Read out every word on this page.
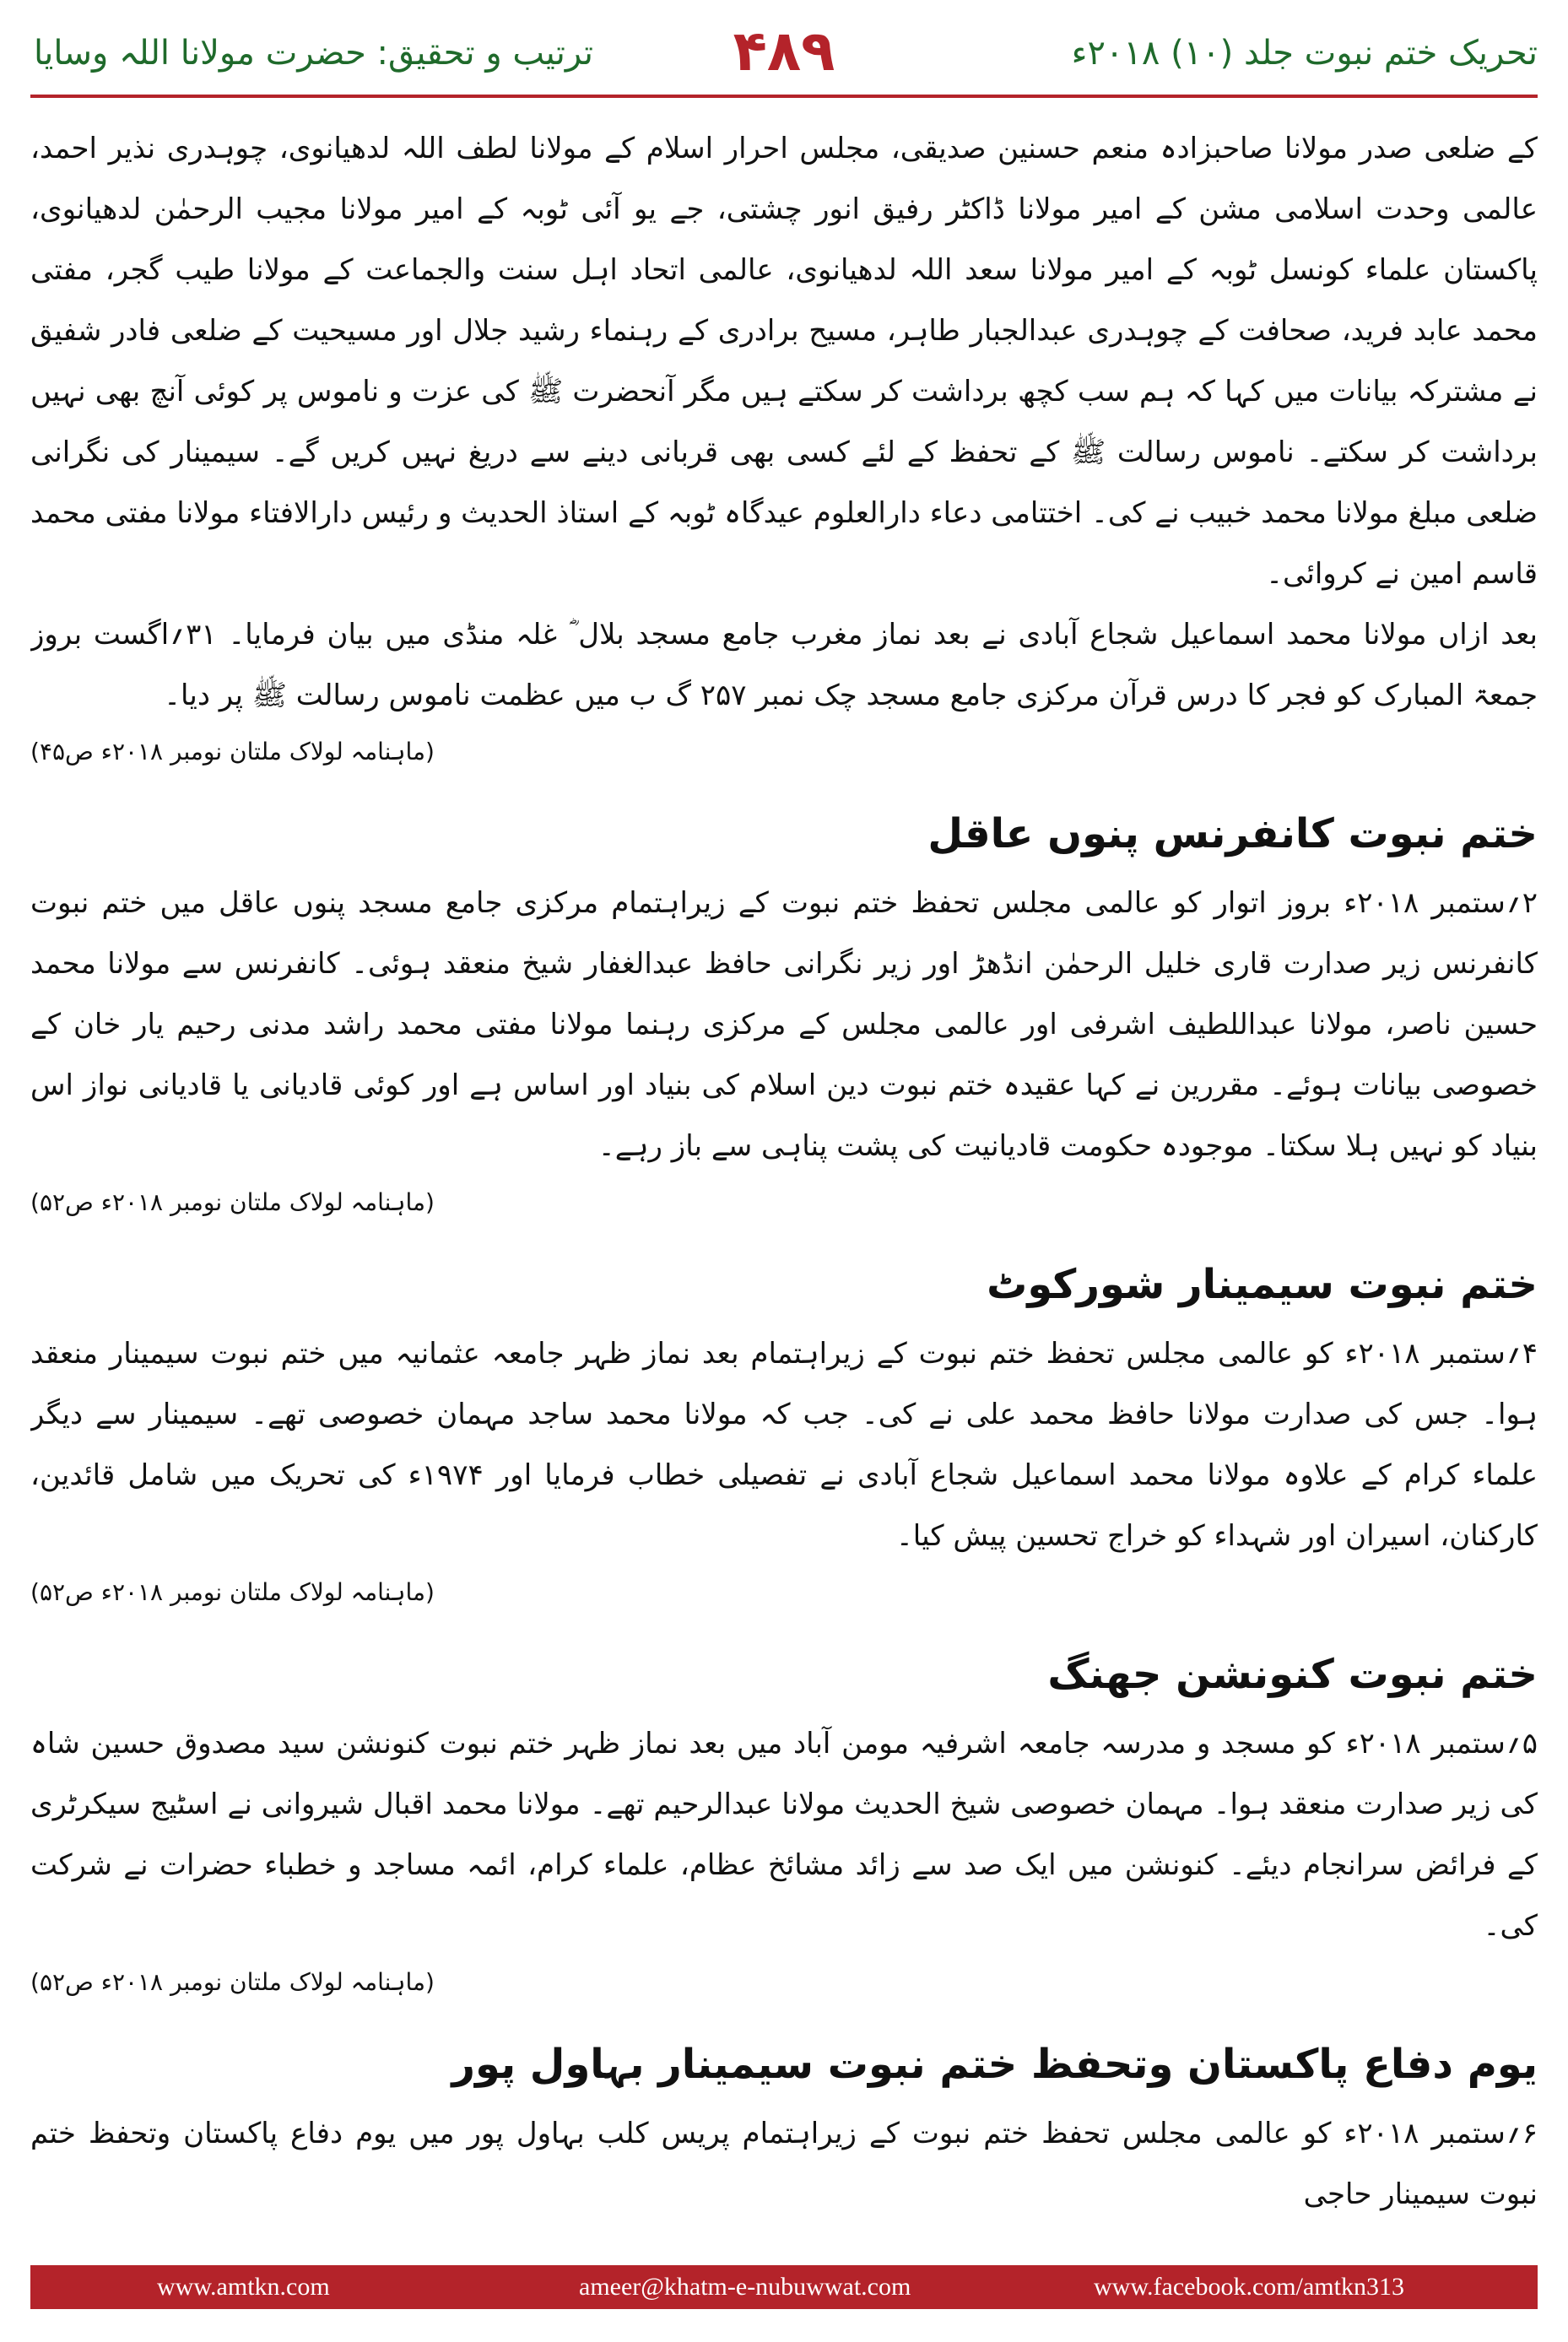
ترتیب و تحقیق: حضرت مولانا اللہ وسایا	۴۸۹	تحریک ختم نبوت جلد (۱۰) ۲۰۱۸ء

کے ضلعی صدر مولانا صاحبزادہ منعم حسنین صدیقی، مجلس احرار اسلام کے مولانا لطف اللہ لدھیانوی، چوہدری نذیر احمد، عالمی وحدت اسلامی مشن کے امیر مولانا ڈاکٹر رفیق انور چشتی، جے یو آئی ٹوبہ کے امیر مولانا مجیب الرحمٰن لدھیانوی، پاکستان علماء کونسل ٹوبہ کے امیر مولانا سعد اللہ لدھیانوی، عالمی اتحاد اہل سنت والجماعت کے مولانا طیب گجر، مفتی محمد عابد فرید، صحافت کے چوہدری عبدالجبار طاہر، مسیح برادری کے رہنماء رشید جلال اور مسیحیت کے ضلعی فادر شفیق نے مشترکہ بیانات میں کہا کہ ہم سب کچھ برداشت کر سکتے ہیں مگر آنحضرت ﷺ کی عزت و ناموس پر کوئی آنچ بھی نہیں برداشت کر سکتے۔ ناموس رسالت ﷺ کے تحفظ کے لئے کسی بھی قربانی دینے سے دریغ نہیں کریں گے۔ سیمینار کی نگرانی ضلعی مبلغ مولانا محمد خبیب نے کی۔ اختتامی دعاء دارالعلوم عیدگاہ ٹوبہ کے استاذ الحدیث و رئیس دارالافتاء مولانا مفتی محمد قاسم امین نے کروائی۔

بعد ازاں مولانا محمد اسماعیل شجاع آبادی نے بعد نماز مغرب جامع مسجد بلال ؓ غلہ منڈی میں بیان فرمایا۔ ۳۱؍اگست بروز جمعۃ المبارک کو فجر کا درس قرآن مرکزی جامع مسجد چک نمبر ۲۵۷ گ ب میں عظمت ناموس رسالت ﷺ پر دیا۔

(ماہنامہ لولاک ملتان نومبر ۲۰۱۸ء ص۴۵)
ختم نبوت کانفرنس پنوں عاقل

۲؍ستمبر ۲۰۱۸ء بروز اتوار کو عالمی مجلس تحفظ ختم نبوت کے زیراہتمام مرکزی جامع مسجد پنوں عاقل میں ختم نبوت کانفرنس زیر صدارت قاری خلیل الرحمٰن انڈھڑ اور زیر نگرانی حافظ عبدالغفار شیخ منعقد ہوئی۔ کانفرنس سے مولانا محمد حسین ناصر، مولانا عبداللطیف اشرفی اور عالمی مجلس کے مرکزی رہنما مولانا مفتی محمد راشد مدنی رحیم یار خان کے خصوصی بیانات ہوئے۔ مقررین نے کہا عقیدہ ختم نبوت دین اسلام کی بنیاد اور اساس ہے اور کوئی قادیانی یا قادیانی نواز اس بنیاد کو نہیں ہلا سکتا۔ موجودہ حکومت قادیانیت کی پشت پناہی سے باز رہے۔

(ماہنامہ لولاک ملتان نومبر ۲۰۱۸ء ص۵۲)
ختم نبوت سیمینار شورکوٹ

۴؍ستمبر ۲۰۱۸ء کو عالمی مجلس تحفظ ختم نبوت کے زیراہتمام بعد نماز ظہر جامعہ عثمانیہ میں ختم نبوت سیمینار منعقد ہوا۔ جس کی صدارت مولانا حافظ محمد علی نے کی۔ جب کہ مولانا محمد ساجد مہمان خصوصی تھے۔ سیمینار سے دیگر علماء کرام کے علاوہ مولانا محمد اسماعیل شجاع آبادی نے تفصیلی خطاب فرمایا اور ۱۹۷۴ء کی تحریک میں شامل قائدین، کارکنان، اسیران اور شہداء کو خراج تحسین پیش کیا۔

(ماہنامہ لولاک ملتان نومبر ۲۰۱۸ء ص۵۲)
ختم نبوت کنونشن جھنگ

۵؍ستمبر ۲۰۱۸ء کو مسجد و مدرسہ جامعہ اشرفیہ مومن آباد میں بعد نماز ظہر ختم نبوت کنونشن سید مصدوق حسین شاہ کی زیر صدارت منعقد ہوا۔ مہمان خصوصی شیخ الحدیث مولانا عبدالرحیم تھے۔ مولانا محمد اقبال شیروانی نے اسٹیج سیکرٹری کے فرائض سرانجام دیئے۔ کنونشن میں ایک صد سے زائد مشائخ عظام، علماء کرام، ائمہ مساجد و خطباء حضرات نے شرکت کی۔

(ماہنامہ لولاک ملتان نومبر ۲۰۱۸ء ص۵۲)
یوم دفاع پاکستان وتحفظ ختم نبوت سیمینار بہاول پور

۶؍ستمبر ۲۰۱۸ء کو عالمی مجلس تحفظ ختم نبوت کے زیراہتمام پریس کلب بہاول پور میں یوم دفاع پاکستان وتحفظ ختم نبوت سیمینار حاجی

www.amtkn.com	ameer@khatm-e-nubuwwat.com	www.facebook.com/amtkn313
